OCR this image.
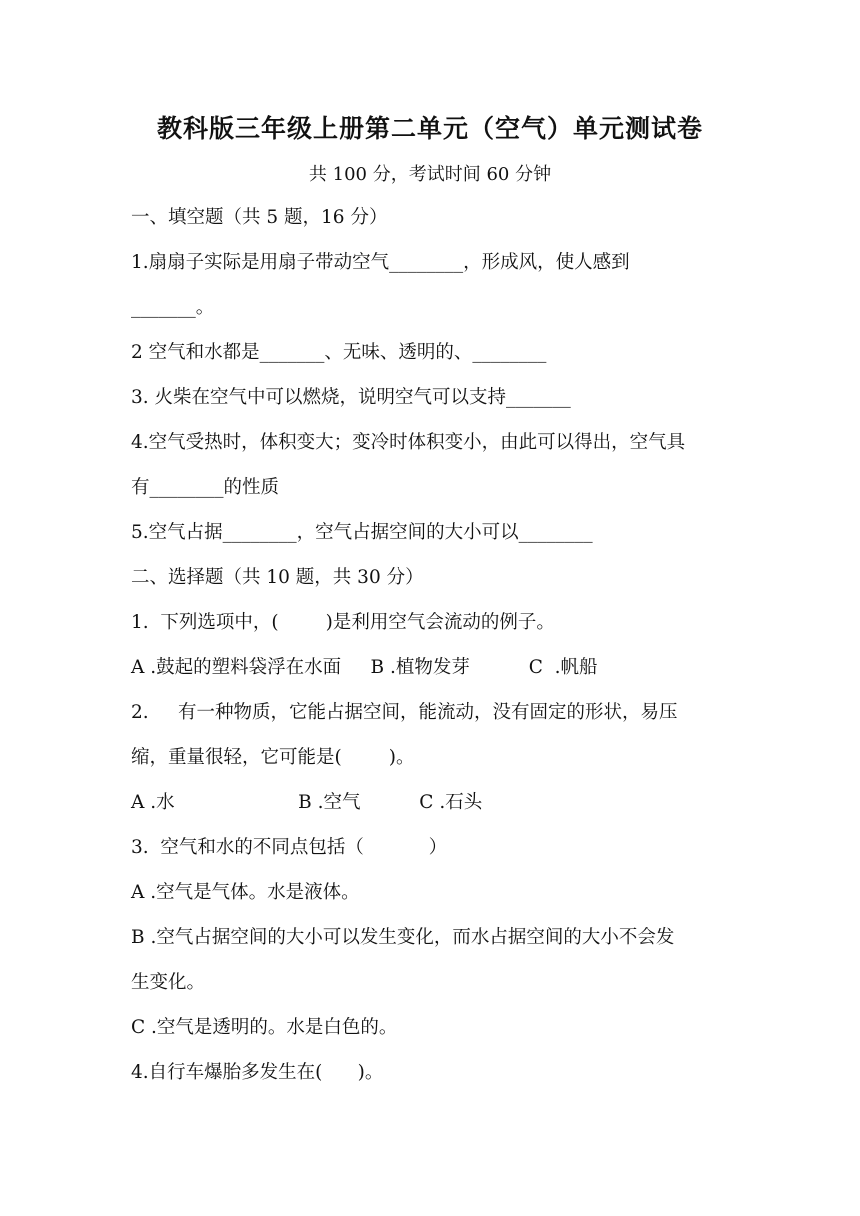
教科版三年级上册第二单元（空气）单元测试卷
共 100 分，考试时间 60 分钟
一、填空题（共 5 题，16 分）
1.扇扇子实际是用扇子带动空气________，形成风，使人感到
_______。
2 空气和水都是_______、无味、透明的、________
3. 火柴在空气中可以燃烧，说明空气可以支持_______
4.空气受热时，体积变大；变冷时体积变小，由此可以得出，空气具
有________的性质
5.空气占据________，空气占据空间的大小可以________
二、选择题（共 10 题，共 30 分）
1.  下列选项中，(        )是利用空气会流动的例子。
A .鼓起的塑料袋浮在水面     B .植物发芽          C  .帆船
2.     有一种物质，它能占据空间，能流动，没有固定的形状，易压
缩，重量很轻，它可能是(        )。
A .水                     B .空气          C .石头
3.  空气和水的不同点包括（           ）
A .空气是气体。水是液体。
B .空气占据空间的大小可以发生变化，而水占据空间的大小不会发
生变化。
C .空气是透明的。水是白色的。
4.自行车爆胎多发生在(      )。
